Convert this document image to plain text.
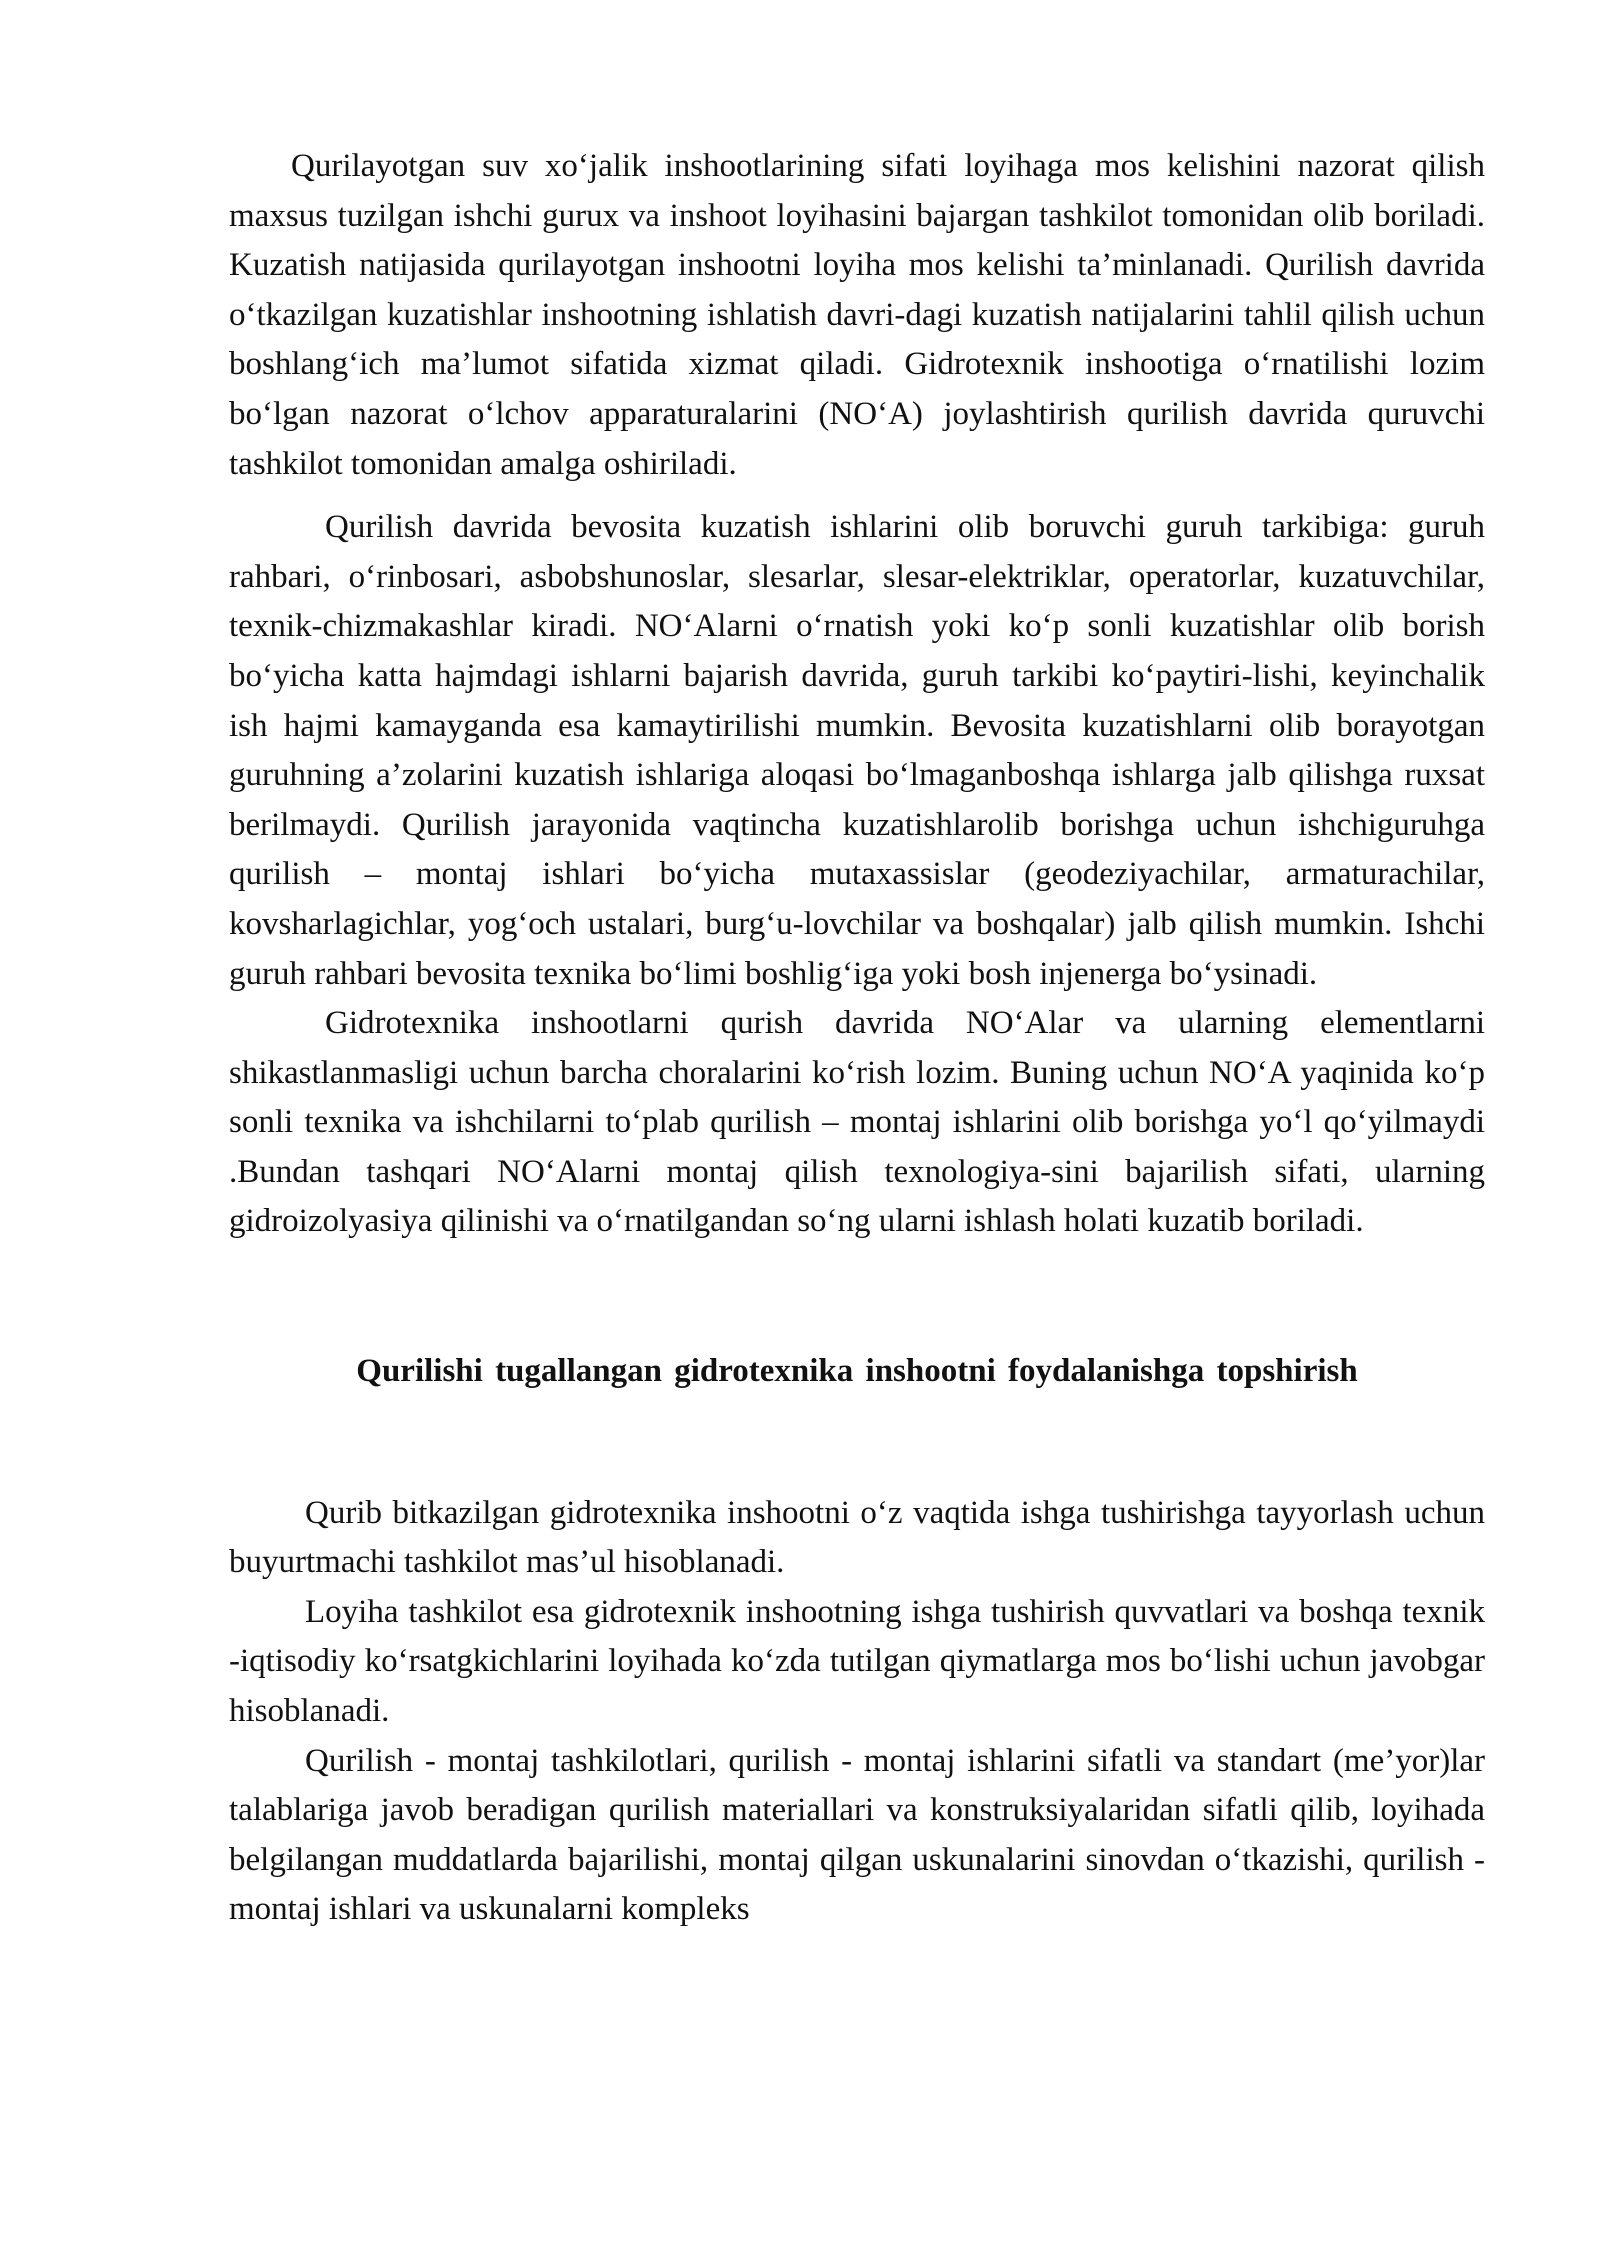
Qurilayotgan suv xo‘jalik inshootlarining sifati loyihaga mos kelishini nazorat qilish maxsus tuzilgan ishchi gurux va inshoot loyihasini bajargan tashkilot tomonidan olib boriladi. Kuzatish natijasida qurilayotgan inshootni loyiha mos kelishi ta’minlanadi. Qurilish davrida o‘tkazilgan kuzatishlar inshootning ishlatish davri-dagi kuzatish natijalarini tahlil qilish uchun boshlang‘ich ma’lumot sifatida xizmat qiladi. Gidrotexnik inshootiga o‘rnatilishi lozim bo‘lgan nazorat o‘lchov apparaturalarini (NO‘A) joylashtirish qurilish davrida quruvchi tashkilot tomonidan amalga oshiriladi.

Qurilish davrida bevosita kuzatish ishlarini olib boruvchi guruh tarkibiga: guruh rahbari, o‘rinbosari, asbobshunoslar, slesarlar, slesar-elektriklar, operatorlar, kuzatuvchilar, texnik-chizmakashlar kiradi. NO‘Alarni o‘rnatish yoki ko‘p sonli kuzatishlar olib borish bo‘yicha katta hajmdagi ishlarni bajarish davrida, guruh tarkibi ko‘paytiri-lishi, keyinchalik ish hajmi kamayganda esa kamaytirilishi mumkin. Bevosita kuzatishlarni olib borayotgan guruhning a’zolarini kuzatish ishlariga aloqasi bo‘lmaganboshqa ishlarga jalb qilishga ruxsat berilmaydi. Qurilish jarayonida vaqtincha kuzatishlarolib borishga uchun ishchiguruhga qurilish – montaj ishlari bo‘yicha mutaxassislar (geodeziyachilar, armaturachilar, kovsharlagichlar, yog‘och ustalari, burg‘u-lovchilar va boshqalar) jalb qilish mumkin. Ishchi guruh rahbari bevosita texnika bo‘limi boshlig‘iga yoki bosh injenerga bo‘ysinadi.

Gidrotexnika inshootlarni qurish davrida NO‘Alar va ularning elementlarni shikastlanmasligi uchun barcha choralarini ko‘rish lozim. Buning uchun NO‘A yaqinida ko‘p sonli texnika va ishchilarni to‘plab qurilish – montaj ishlarini olib borishga yo‘l qo‘yilmaydi .Bundan tashqari NO‘Alarni montaj qilish texnologiya-sini bajarilish sifati, ularning gidroizolyasiya qilinishi va o‘rnatilgandan so‘ng ularni ishlash holati kuzatib boriladi.

Qurilishi tugallangan gidrotexnika inshootni foydalanishga topshirish

Qurib bitkazilgan gidrotexnika inshootni o‘z vaqtida ishga tushirishga tayyorlash uchun buyurtmachi tashkilot mas’ul hisoblanadi.

Loyiha tashkilot esa gidrotexnik inshootning ishga tushirish quvvatlari va boshqa texnik -iqtisodiy ko‘rsatgkichlarini loyihada ko‘zda tutilgan qiymatlarga mos bo‘lishi uchun javobgar hisoblanadi.

Qurilish - montaj tashkilotlari, qurilish - montaj ishlarini sifatli va standart (me’yor)lar talablariga javob beradigan qurilish materiallari va konstruksiyalaridan sifatli qilib, loyihada belgilangan muddatlarda bajarilishi, montaj qilgan uskunalarini sinovdan o‘tkazishi, qurilish -montaj ishlari va uskunalarni kompleks
